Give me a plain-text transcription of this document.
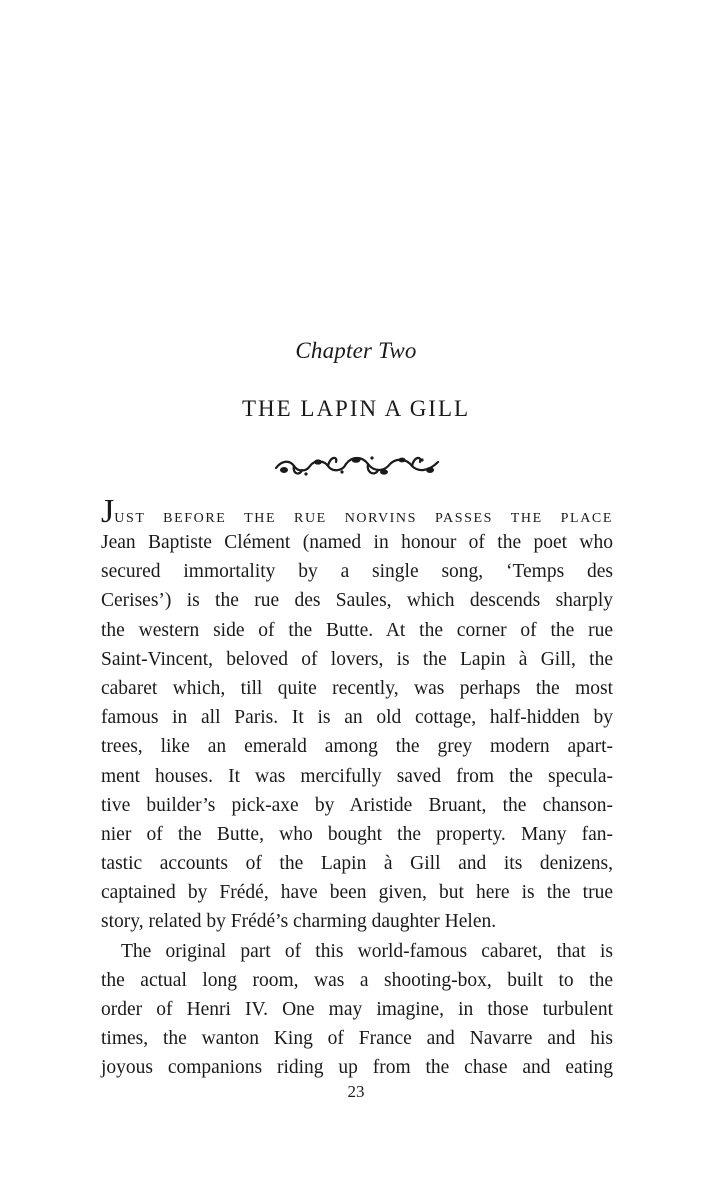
Chapter Two
THE LAPIN A GILL
JUST BEFORE THE RUE NORVINS PASSES THE PLACE
Jean Baptiste Clément (named in honour of the poet who
secured immortality by a single song, ‘Temps des
Cerises’) is the rue des Saules, which descends sharply
the western side of the Butte. At the corner of the rue
Saint-Vincent, beloved of lovers, is the Lapin à Gill, the
cabaret which, till quite recently, was perhaps the most
famous in all Paris. It is an old cottage, half-hidden by
trees, like an emerald among the grey modern apart-
ment houses. It was mercifully saved from the specula-
tive builder’s pick-axe by Aristide Bruant, the chanson-
nier of the Butte, who bought the property. Many fan-
tastic accounts of the Lapin à Gill and its denizens,
captained by Frédé, have been given, but here is the true
story, related by Frédé’s charming daughter Helen.
The original part of this world-famous cabaret, that is
the actual long room, was a shooting-box, built to the
order of Henri IV. One may imagine, in those turbulent
times, the wanton King of France and Navarre and his
joyous companions riding up from the chase and eating
23
